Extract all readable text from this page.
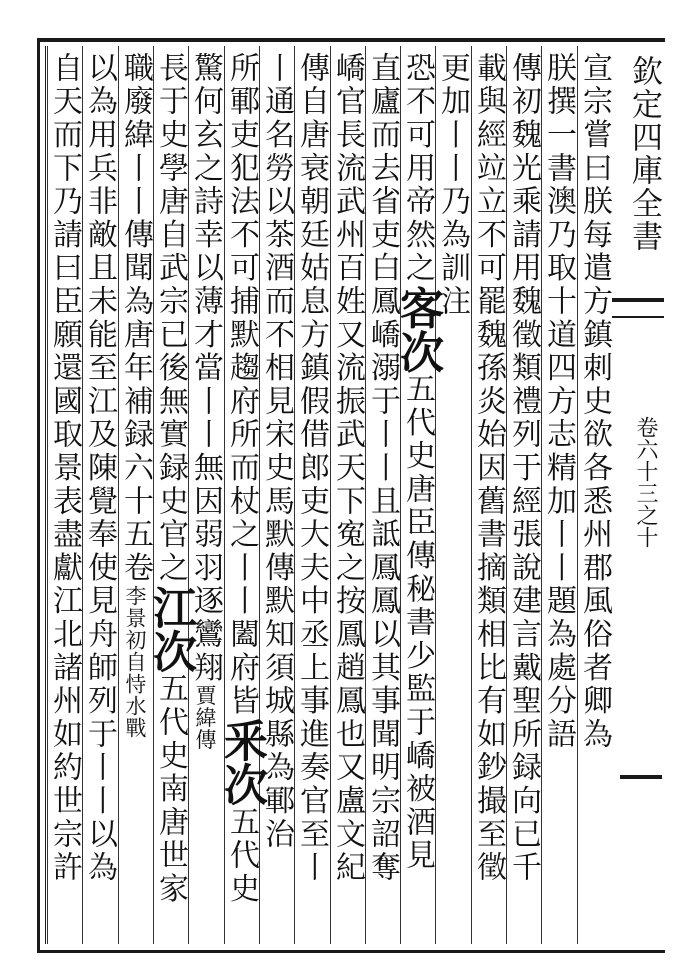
欽定四庫全書
卷六十三之十
宣宗嘗曰朕每遣方鎮刺史欲各悉州郡風俗者卿為
朕撰一書澳乃取十道四方志精加丨丨題為處分語
傳初魏光乘請用魏徵類禮列于經張說建言戴聖所録向已千
載與經竝立不可罷魏孫炎始因舊書摘類相比有如鈔撮至徵
更加丨丨乃為訓注
恐不可用帝然之客次五代史唐臣傳秘書少監于嶠被酒見
直廬而去省吏白鳳嶠溺于丨丨且詆鳳鳳以其事聞明宗詔奪
嶠官長流武州百姓又流振武天下寃之按鳳趙鳳也又盧文紀
傳自唐衰朝廷姑息方鎮假借郎吏大夫中丞上事進奏官至丨
丨通名勞以茶酒而不相見宋史馬默傳默知須城縣為鄆治
所鄆吏犯法不可捕默趨府所而杖之丨丨闔府皆釆次五代史
驚何玄之詩幸以薄才當丨丨無因弱羽逐鸞翔賈緯傳
長于史學唐自武宗已後無實録史官之江次五代史南唐世家
職廢緯丨丨傳聞為唐年補録六十五卷李景初自恃水戰
以為用兵非敵且未能至江及陳覺奉使見舟師列于丨丨以為
自天而下乃請曰臣願還國取景表盡獻江北諸州如約世宗許
